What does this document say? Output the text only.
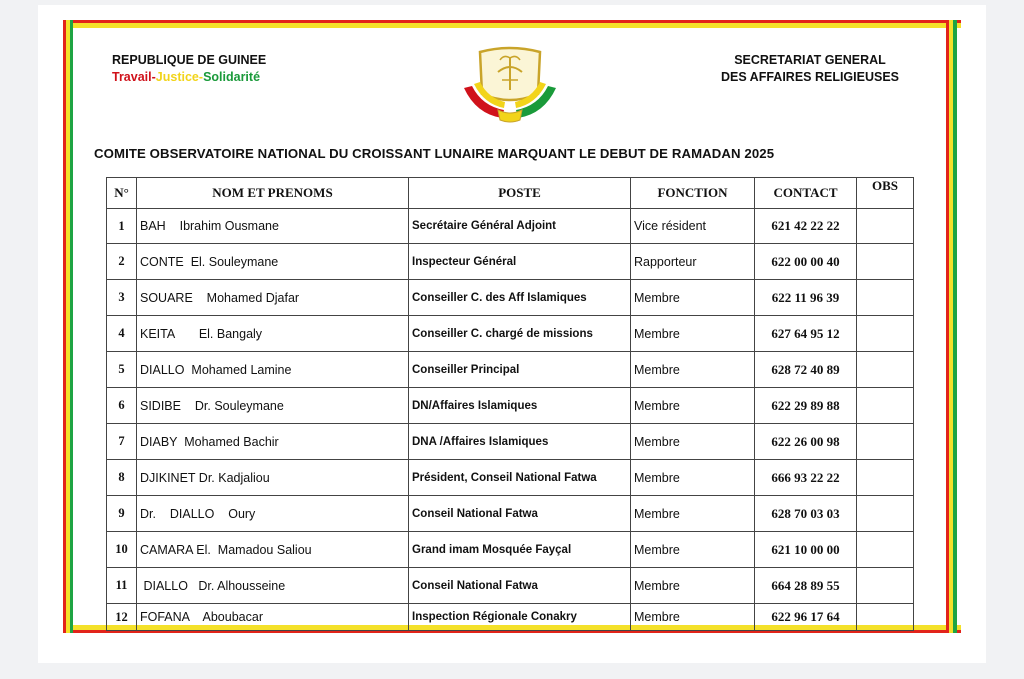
REPUBLIQUE DE GUINEE
Travail-Justice-Solidarité
SECRETARIAT GENERAL
DES AFFAIRES RELIGIEUSES
COMITE OBSERVATOIRE NATIONAL DU CROISSANT LUNAIRE MARQUANT LE DEBUT DE RAMADAN 2025
N°	NOM ET PRENOMS	POSTE	FONCTION	CONTACT	OBS
1	BAH    Ibrahim Ousmane	Secrétaire Général Adjoint	Vice résident	621 42 22 22	
2	CONTE  El. Souleymane	Inspecteur Général	Rapporteur	622 00 00 40	
3	SOUARE    Mohamed Djafar	Conseiller C. des Aff Islamiques	Membre	622 11 96 39	
4	KEITA       El. Bangaly	Conseiller C. chargé de missions	Membre	627 64 95 12	
5	DIALLO  Mohamed Lamine	Conseiller Principal	Membre	628 72 40 89	
6	SIDIBE    Dr. Souleymane	DN/Affaires Islamiques	Membre	622 29 89 88	
7	DIABY  Mohamed Bachir	DNA /Affaires Islamiques	Membre	622 26 00 98	
8	DJIKINET Dr. Kadjaliou	Président, Conseil National Fatwa	Membre	666 93 22 22	
9	Dr.    DIALLO    Oury	Conseil National Fatwa	Membre	628 70 03 03	
10	CAMARA El.  Mamadou Saliou	Grand imam Mosquée Fayçal	Membre	621 10 00 00	
11	DIALLO   Dr. Alhousseine	Conseil National Fatwa	Membre	664 28 89 55	
12	FOFANA    Aboubacar	Inspection Régionale Conakry	Membre	622 96 17 64	
